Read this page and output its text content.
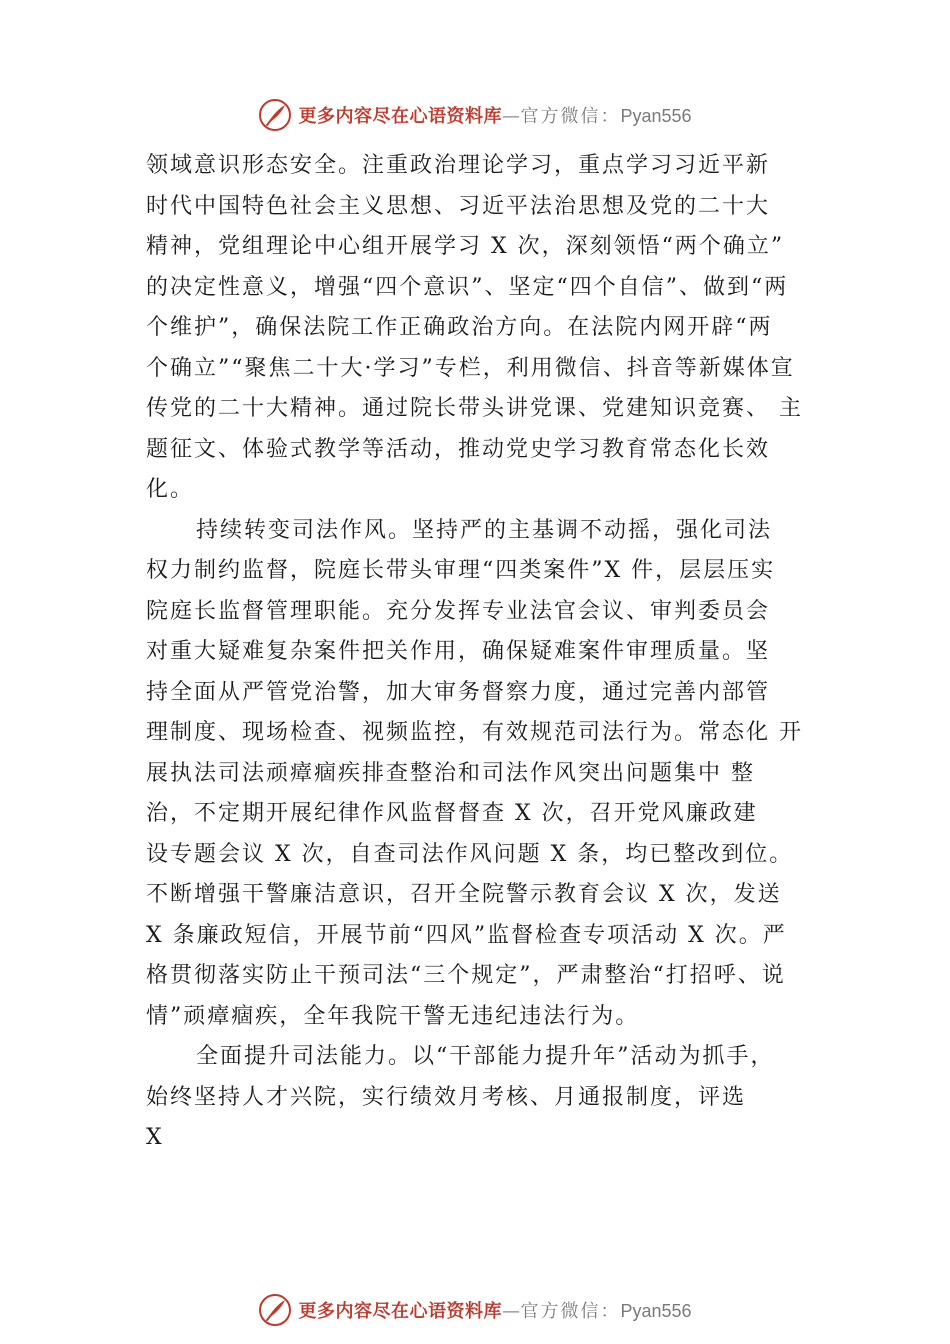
更多内容尽在心语资料库—官方微信：Pyan556
领域意识形态安全。注重政治理论学习，重点学习习近平新
时代中国特色社会主义思想、习近平法治思想及党的二十大
精神，党组理论中心组开展学习 X 次，深刻领悟“两个确立”
的决定性意义，增强“四个意识”、坚定“四个自信”、做到“两
个维护”，确保法院工作正确政治方向。在法院内网开辟“两
个确立”“聚焦二十大·学习”专栏，利用微信、抖音等新媒体宣
传党的二十大精神。通过院长带头讲党课、党建知识竞赛、 主
题征文、体验式教学等活动，推动党史学习教育常态化长效
化。
持续转变司法作风。坚持严的主基调不动摇，强化司法
权力制约监督，院庭长带头审理“四类案件”X 件，层层压实
院庭长监督管理职能。充分发挥专业法官会议、审判委员会
对重大疑难复杂案件把关作用，确保疑难案件审理质量。坚
持全面从严管党治警，加大审务督察力度，通过完善内部管
理制度、现场检查、视频监控，有效规范司法行为。常态化 开
展执法司法顽瘴痼疾排查整治和司法作风突出问题集中 整
治，不定期开展纪律作风监督督查 X 次，召开党风廉政建
设专题会议 X 次，自查司法作风问题 X 条，均已整改到位。
不断增强干警廉洁意识，召开全院警示教育会议 X 次，发送
X 条廉政短信，开展节前“四风”监督检查专项活动 X 次。严
格贯彻落实防止干预司法“三个规定”，严肃整治“打招呼、说
情”顽瘴痼疾，全年我院干警无违纪违法行为。
全面提升司法能力。以“干部能力提升年”活动为抓手，
始终坚持人才兴院，实行绩效月考核、月通报制度，评选
X
更多内容尽在心语资料库—官方微信：Pyan556
